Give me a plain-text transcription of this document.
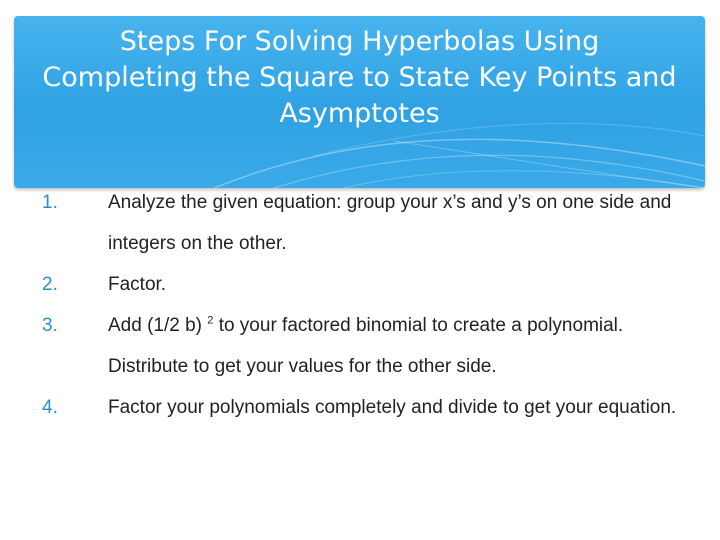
Steps For Solving Hyperbolas Using
Completing the Square to State Key Points and
Asymptotes
1.	Analyze the given equation: group your x’s and y’s on one side and integers on the other.
2.	Factor.
3.	Add (1/2 b) $^2$ to your factored binomial to create a polynomial. Distribute to get your values for the other side.
4.	Factor your polynomials completely and divide to get your equation.
